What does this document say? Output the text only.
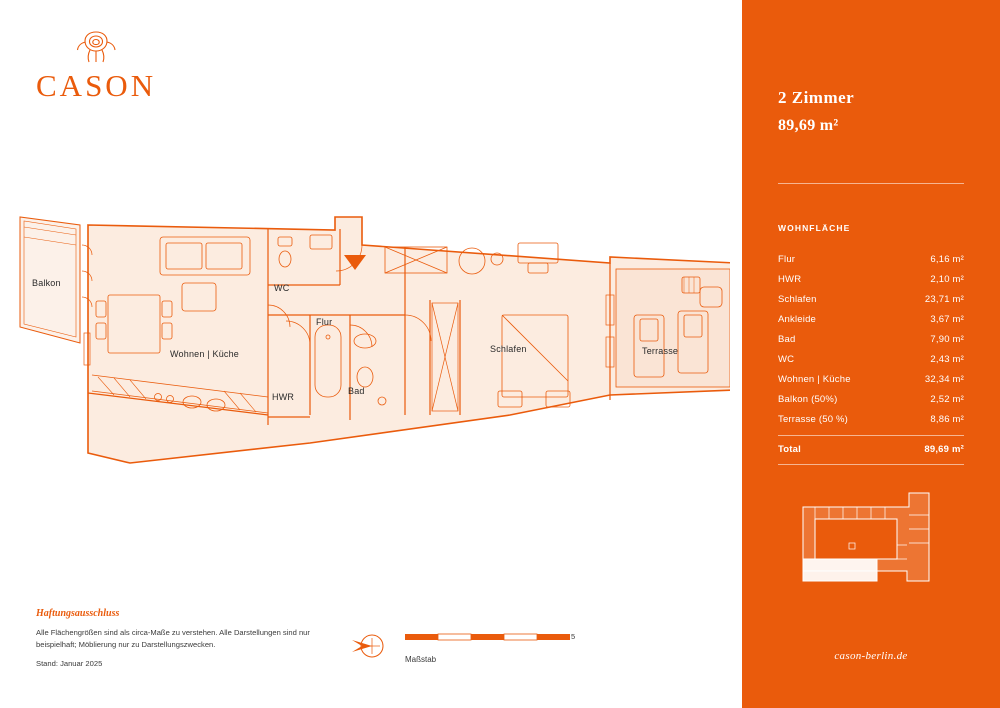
CASON
Balkon	WC
Flur
Wohnen | Küche
HWR
Bad
Schlafen	Terrasse
Haftungsausschluss
Alle Flächengrößen sind als circa-Maße zu verstehen. Alle Darstellungen sind nur beispielhaft; Möblierung nur zu Darstellungszwecken.
Stand: Januar 2025
5
Maßstab
2 Zimmer
89,69 m²
WOHNFLÄCHE
Flur	6,16 m²
HWR	2,10 m²
Schlafen	23,71 m²
Ankleide	3,67 m²
Bad	7,90 m²
WC	2,43 m²
Wohnen | Küche	32,34 m²
Balkon (50%)	2,52 m²
Terrasse (50 %)	8,86 m²
Total	89,69 m²
cason-berlin.de
